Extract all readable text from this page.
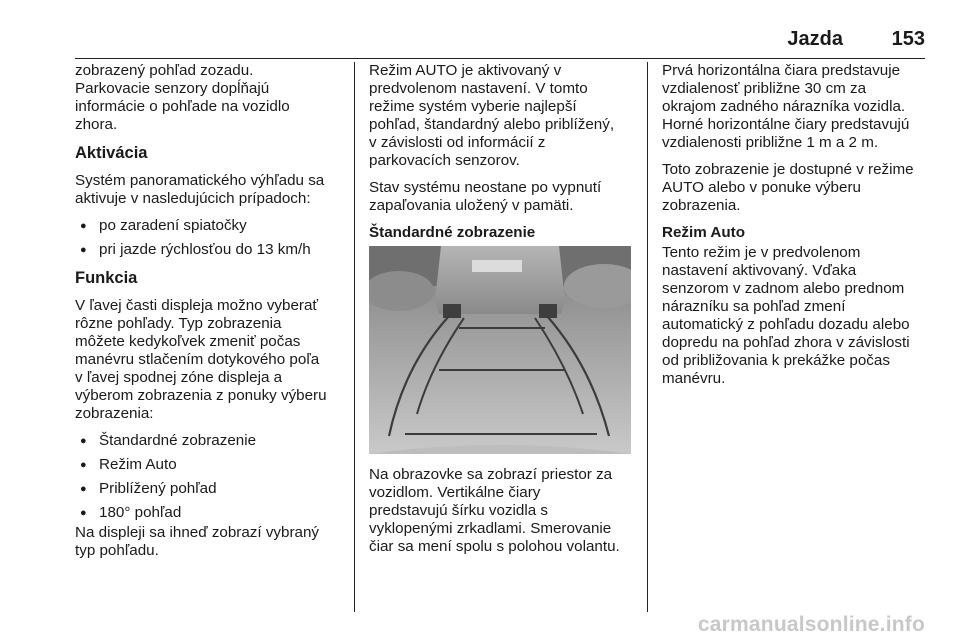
Jazda 153

zobrazený pohľad zozadu.
Parkovacie senzory dopĺňajú
informácie o pohľade na vozidlo
zhora.

Aktivácia

Systém panoramatického výhľadu sa
aktivuje v nasledujúcich prípadoch:

● po zaradení spiatočky
● pri jazde rýchlosťou do 13 km/h
Funkcia

V ľavej časti displeja možno vyberať
rôzne pohľady. Typ zobrazenia
môžete kedykoľvek zmeniť počas
manévru stlačením dotykového poľa
v ľavej spodnej zóne displeja a
výberom zobrazenia z ponuky výberu
zobrazenia:

● Štandardné zobrazenie
● Režim Auto
● Priblížený pohľad
● 180° pohľad

Na displeji sa ihneď zobrazí vybraný
typ pohľadu.

Režim AUTO je aktivovaný v
predvolenom nastavení. V tomto
režime systém vyberie najlepší
pohľad, štandardný alebo priblížený,
v závislosti od informácií z
parkovacích senzorov.

Stav systému neostane po vypnutí
zapaľovania uložený v pamäti.

Štandardné zobrazenie

Na obrazovke sa zobrazí priestor za
vozidlom. Vertikálne čiary
predstavujú šírku vozidla s
vyklopenými zrkadlami. Smerovanie
čiar sa mení spolu s polohou volantu.

Prvá horizontálna čiara predstavuje
vzdialenosť približne 30 cm za
okrajom zadného nárazníka vozidla.
Horné horizontálne čiary predstavujú
vzdialenosti približne 1 m a 2 m.

Toto zobrazenie je dostupné v režime
AUTO alebo v ponuke výberu
zobrazenia.

Režim Auto

Tento režim je v predvolenom
nastavení aktivovaný. Vďaka
senzorom v zadnom alebo prednom
nárazníku sa pohľad zmení
automatický z pohľadu dozadu alebo
dopredu na pohľad zhora v závislosti
od približovania k prekážke počas
manévru.

carmanualsonline.info
